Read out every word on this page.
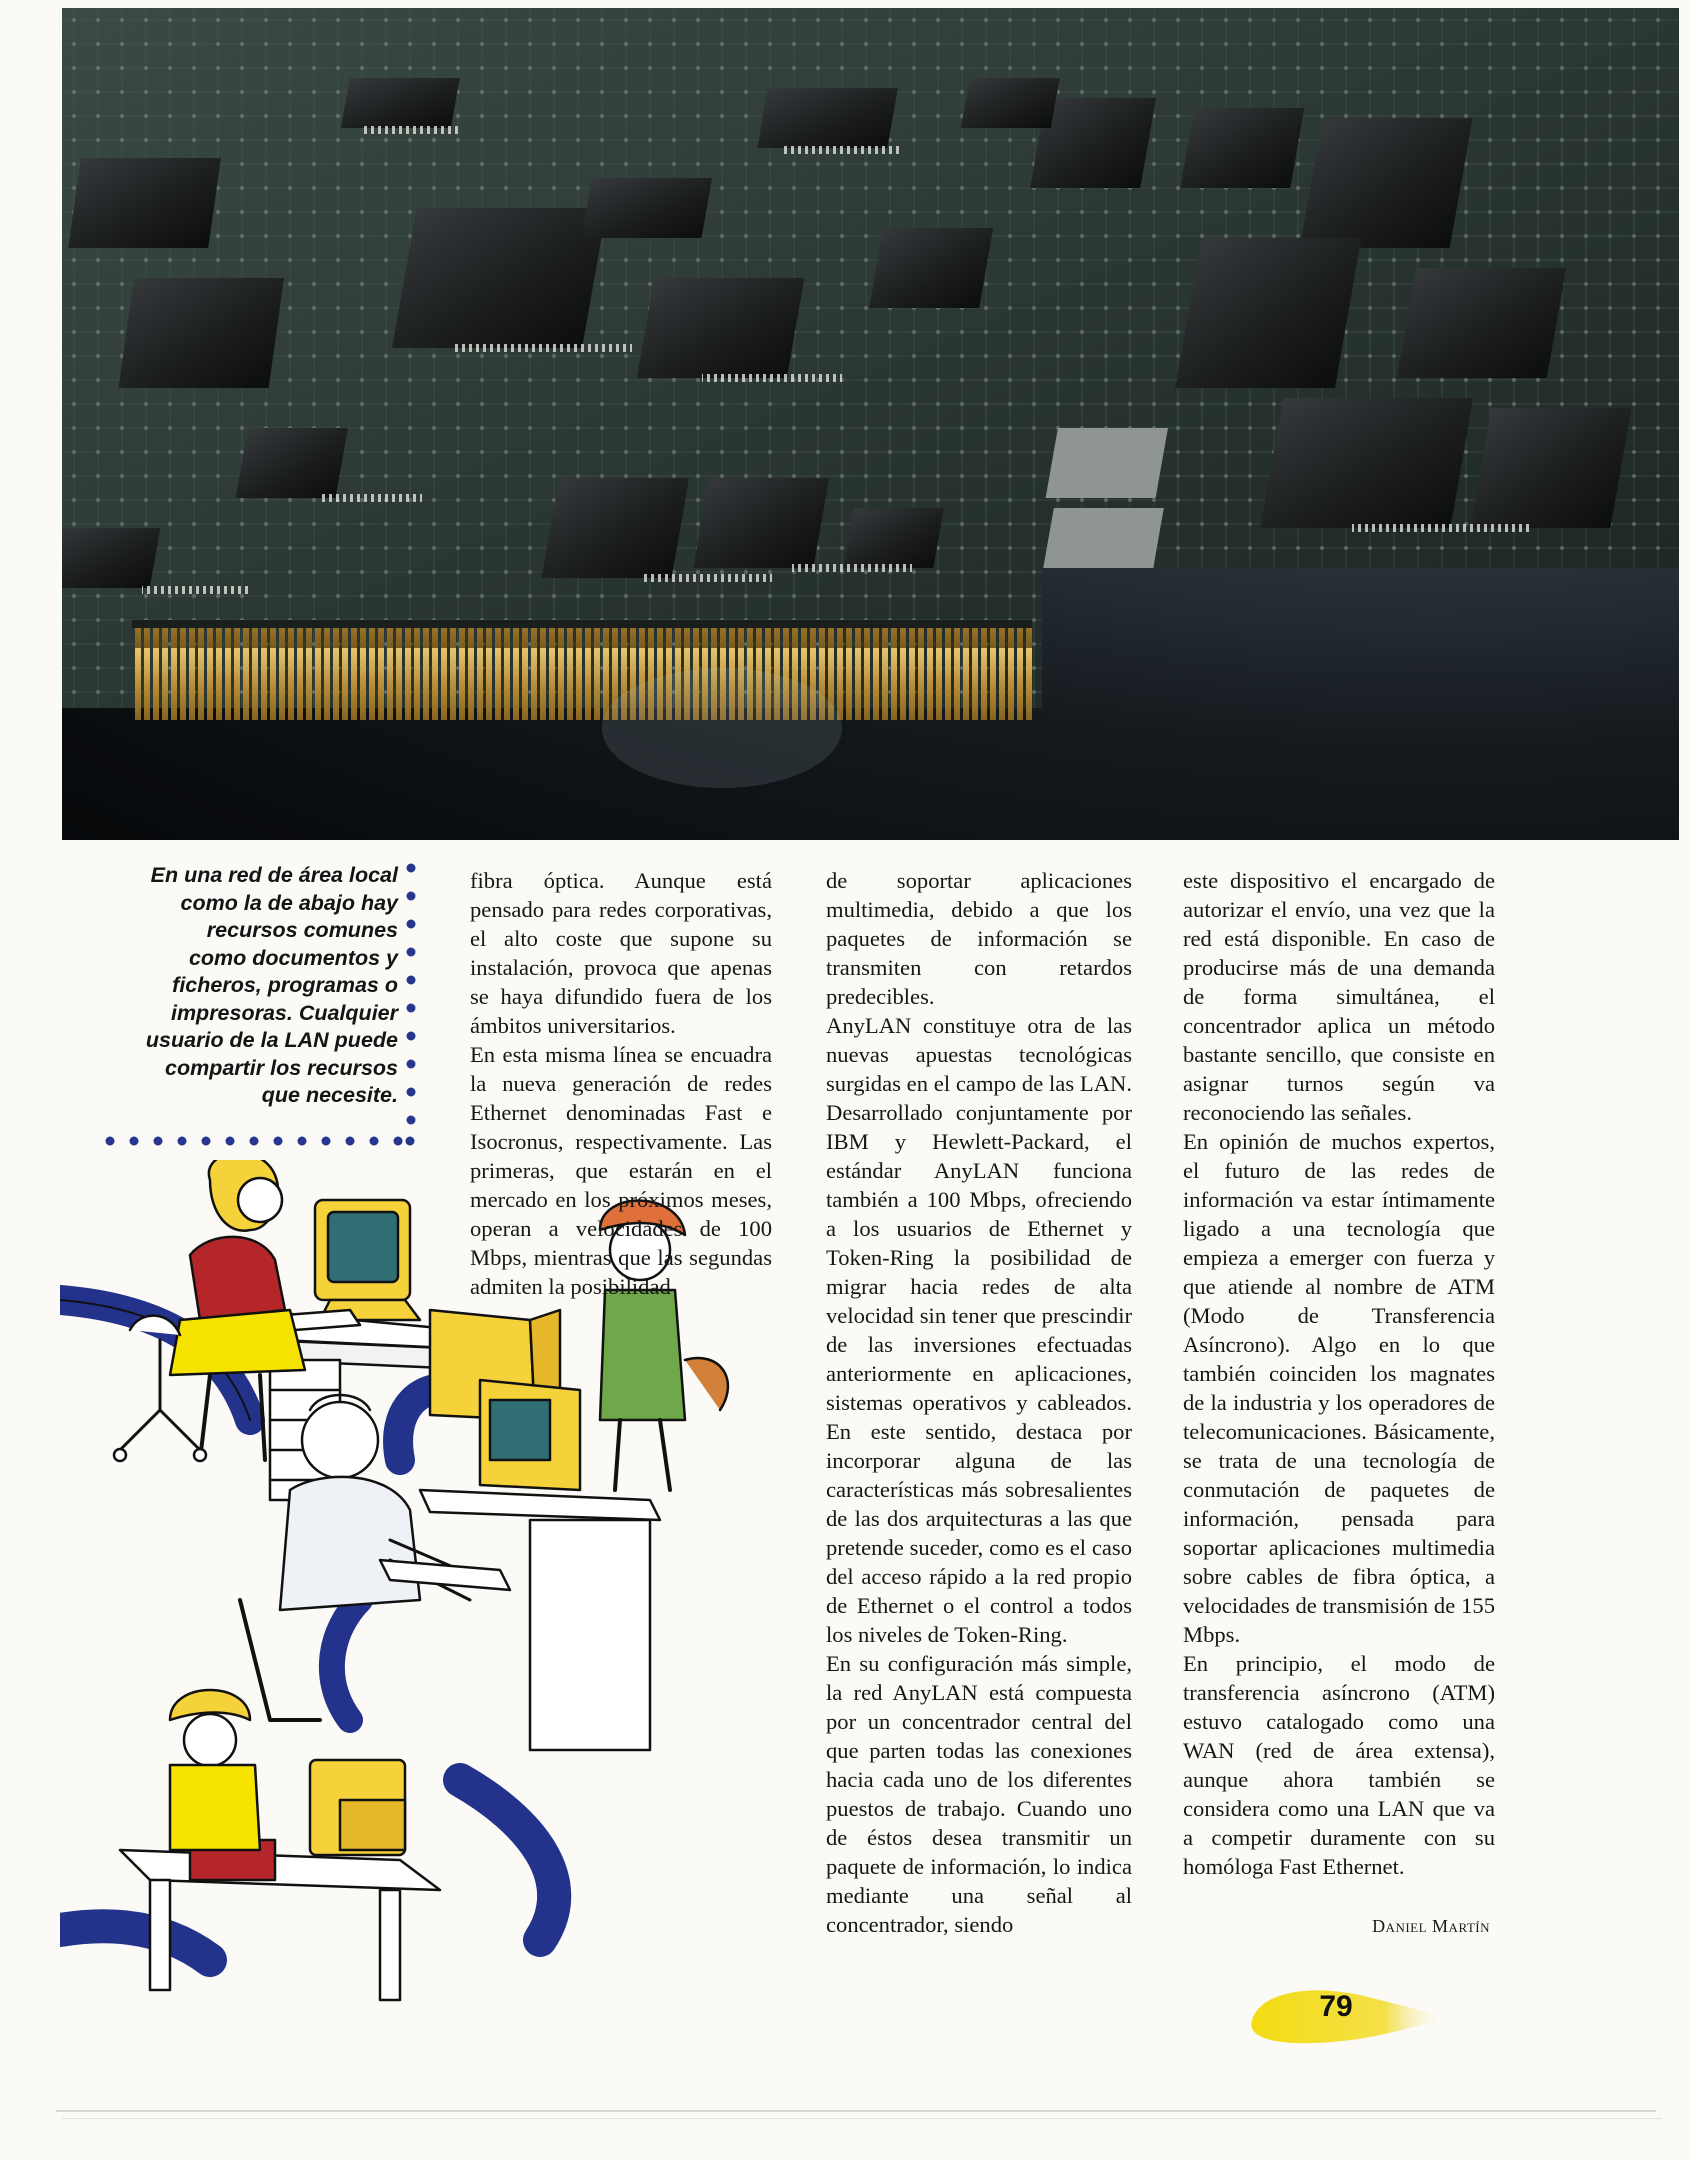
En una red de área local
como la de abajo hay
recursos comunes
como documentos y
ficheros, programas o
impresoras. Cualquier
usuario de la LAN puede
compartir los recursos
que necesite.

fibra óptica. Aunque está pensado para redes corporativas, el alto coste que supone su instalación, provoca que apenas se haya difundido fuera de los ámbitos universitarios.

En esta misma línea se encuadra la nueva generación de redes Ethernet denominadas Fast e Isocronus, respectivamente. Las primeras, que estarán en el mercado en los próximos meses, operan a velocidades de 100 Mbps, mientras que las segundas admiten la posibilidad

de soportar aplicaciones multimedia, debido a que los paquetes de información se transmiten con retardos predecibles.

AnyLAN constituye otra de las nuevas apuestas tecnológicas surgidas en el campo de las LAN. Desarrollado conjuntamente por IBM y Hewlett-Packard, el estándar AnyLAN funciona también a 100 Mbps, ofreciendo a los usuarios de Ethernet y Token-Ring la posibilidad de migrar hacia redes de alta velocidad sin tener que prescindir de las inversiones efectuadas anteriormente en aplicaciones, sistemas operativos y cableados. En este sentido, destaca por incorporar alguna de las características más sobresalientes de las dos arquitecturas a las que pretende suceder, como es el caso del acceso rápido a la red propio de Ethernet o el control a todos los niveles de Token-Ring.

En su configuración más simple, la red AnyLAN está compuesta por un concentrador central del que parten todas las conexiones hacia cada uno de los diferentes puestos de trabajo. Cuando uno de éstos desea transmitir un paquete de información, lo indica mediante una señal al concentrador, siendo

este dispositivo el encargado de autorizar el envío, una vez que la red está disponible. En caso de producirse más de una demanda de forma simultánea, el concentrador aplica un método bastante sencillo, que consiste en asignar turnos según va reconociendo las señales.

En opinión de muchos expertos, el futuro de las redes de información va estar íntimamente ligado a una tecnología que empieza a emerger con fuerza y que atiende al nombre de ATM (Modo de Transferencia Asíncrono). Algo en lo que también coinciden los magnates de la industria y los operadores de telecomunicaciones. Básicamente, se trata de una tecnología de conmutación de paquetes de información, pensada para soportar aplicaciones multimedia sobre cables de fibra óptica, a velocidades de transmisión de 155 Mbps.

En principio, el modo de transferencia asíncrono (ATM) estuvo catalogado como una WAN (red de área extensa), aunque ahora también se considera como una LAN que va a competir duramente con su homóloga Fast Ethernet.

Daniel Martín
79
